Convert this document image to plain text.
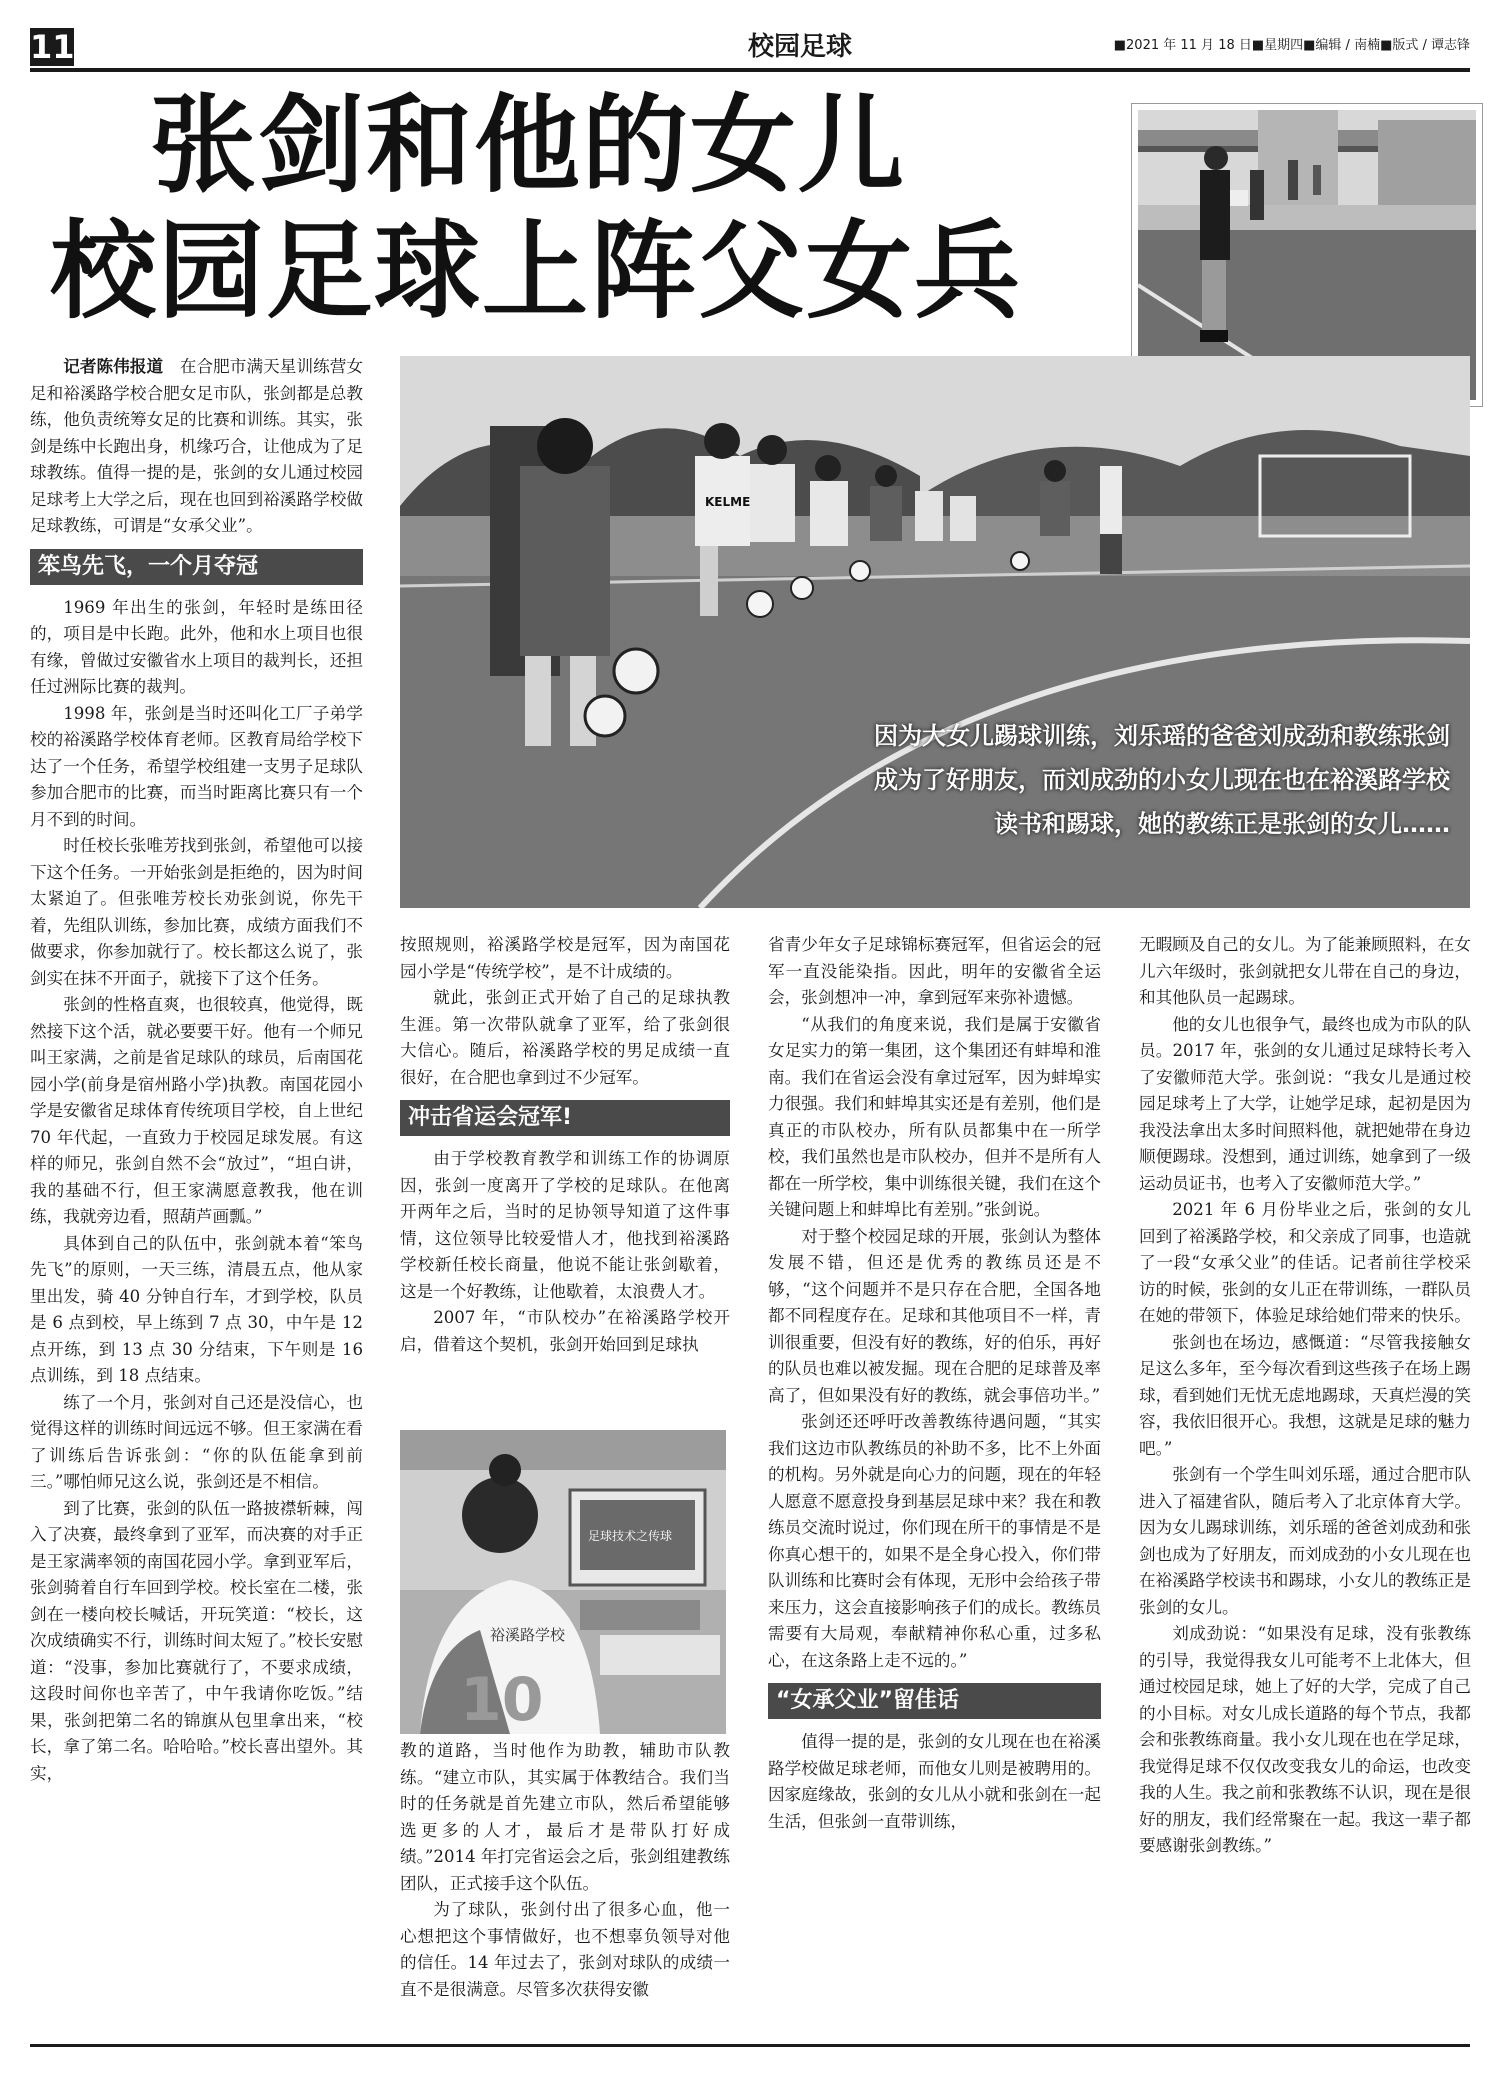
11	校园足球	■2021 年 11 月 18 日■星期四■编辑 / 南楠■版式 / 谭志锋
张剑和他的女儿
校园足球上阵父女兵
KELME
因为大女儿踢球训练，刘乐瑶的爸爸刘成劲和教练张剑成为了好朋友，而刘成劲的小女儿现在也在裕溪路学校读书和踢球，她的教练正是张剑的女儿……
足球技术之传球
裕溪路学校
10

记者陈伟报道　 在合肥市满天星训练营女足和裕溪路学校合肥女足市队，张剑都是总教练，他负责统筹女足的比赛和训练。其实，张剑是练中长跑出身，机缘巧合，让他成为了足球教练。值得一提的是，张剑的女儿通过校园足球考上大学之后，现在也回到裕溪路学校做足球教练，可谓是“女承父业”。

笨鸟先飞，一个月夺冠

1969 年出生的张剑，年轻时是练田径的，项目是中长跑。此外，他和水上项目也很有缘，曾做过安徽省水上项目的裁判长，还担任过洲际比赛的裁判。

1998 年，张剑是当时还叫化工厂子弟学校的裕溪路学校体育老师。区教育局给学校下达了一个任务，希望学校组建一支男子足球队参加合肥市的比赛，而当时距离比赛只有一个月不到的时间。

时任校长张唯芳找到张剑，希望他可以接下这个任务。一开始张剑是拒绝的，因为时间太紧迫了。但张唯芳校长劝张剑说，你先干着，先组队训练，参加比赛，成绩方面我们不做要求，你参加就行了。校长都这么说了，张剑实在抹不开面子，就接下了这个任务。

张剑的性格直爽，也很较真，他觉得，既然接下这个活，就必要要干好。他有一个师兄叫王家满，之前是省足球队的球员，后南国花园小学(前身是宿州路小学)执教。南国花园小学是安徽省足球体育传统项目学校，自上世纪 70 年代起，一直致力于校园足球发展。有这样的师兄，张剑自然不会“放过”，“坦白讲，我的基础不行，但王家满愿意教我，他在训练，我就旁边看，照葫芦画瓢。”

具体到自己的队伍中，张剑就本着“笨鸟先飞”的原则，一天三练，清晨五点，他从家里出发，骑 40 分钟自行车，才到学校，队员是 6 点到校，早上练到 7 点 30，中午是 12 点开练，到 13 点 30 分结束，下午则是 16 点训练，到 18 点结束。

练了一个月，张剑对自己还是没信心，也觉得这样的训练时间远远不够。但王家满在看了训练后告诉张剑：“你的队伍能拿到前三。”哪怕师兄这么说，张剑还是不相信。

到了比赛，张剑的队伍一路披襟斩棘，闯入了决赛，最终拿到了亚军，而决赛的对手正是王家满率领的南国花园小学。拿到亚军后，张剑骑着自行车回到学校。校长室在二楼，张剑在一楼向校长喊话，开玩笑道：“校长，这次成绩确实不行，训练时间太短了。”校长安慰道：“没事，参加比赛就行了，不要求成绩，这段时间你也辛苦了，中午我请你吃饭。”结果，张剑把第二名的锦旗从包里拿出来，“校长，拿了第二名。哈哈哈。”校长喜出望外。其实，

按照规则，裕溪路学校是冠军，因为南国花园小学是“传统学校”，是不计成绩的。

就此，张剑正式开始了自己的足球执教生涯。第一次带队就拿了亚军，给了张剑很大信心。随后，裕溪路学校的男足成绩一直很好，在合肥也拿到过不少冠军。

冲击省运会冠军!

由于学校教育教学和训练工作的协调原因，张剑一度离开了学校的足球队。在他离开两年之后，当时的足协领导知道了这件事情，这位领导比较爱惜人才，他找到裕溪路学校新任校长商量，他说不能让张剑歇着，这是一个好教练，让他歇着，太浪费人才。

2007 年，“市队校办”在裕溪路学校开启，借着这个契机，张剑开始回到足球执

教的道路，当时他作为助教，辅助市队教练。“建立市队，其实属于体教结合。我们当时的任务就是首先建立市队，然后希望能够选更多的人才，最后才是带队打好成绩。”2014 年打完省运会之后，张剑组建教练团队，正式接手这个队伍。

为了球队，张剑付出了很多心血，他一心想把这个事情做好，也不想辜负领导对他的信任。14 年过去了，张剑对球队的成绩一直不是很满意。尽管多次获得安徽

省青少年女子足球锦标赛冠军，但省运会的冠军一直没能染指。因此，明年的安徽省全运会，张剑想冲一冲，拿到冠军来弥补遗憾。

“从我们的角度来说，我们是属于安徽省女足实力的第一集团，这个集团还有蚌埠和淮南。我们在省运会没有拿过冠军，因为蚌埠实力很强。我们和蚌埠其实还是有差别，他们是真正的市队校办，所有队员都集中在一所学校，我们虽然也是市队校办，但并不是所有人都在一所学校，集中训练很关键，我们在这个关键问题上和蚌埠比有差别。”张剑说。

对于整个校园足球的开展，张剑认为整体发展不错，但还是优秀的教练员还是不够，“这个问题并不是只存在合肥，全国各地都不同程度存在。足球和其他项目不一样，青训很重要，但没有好的教练，好的伯乐，再好的队员也难以被发掘。现在合肥的足球普及率高了，但如果没有好的教练，就会事倍功半。”

张剑还还呼吁改善教练待遇问题，“其实我们这边市队教练员的补助不多，比不上外面的机构。另外就是向心力的问题，现在的年轻人愿意不愿意投身到基层足球中来？我在和教练员交流时说过，你们现在所干的事情是不是你真心想干的，如果不是全身心投入，你们带队训练和比赛时会有体现，无形中会给孩子带来压力，这会直接影响孩子们的成长。教练员需要有大局观，奉献精神你私心重，过多私心，在这条路上走不远的。”

“女承父业”留佳话

值得一提的是，张剑的女儿现在也在裕溪路学校做足球老师，而他女儿则是被聘用的。因家庭缘故，张剑的女儿从小就和张剑在一起生活，但张剑一直带训练，

无暇顾及自己的女儿。为了能兼顾照料，在女儿六年级时，张剑就把女儿带在自己的身边，和其他队员一起踢球。

他的女儿也很争气，最终也成为市队的队员。2017 年，张剑的女儿通过足球特长考入了安徽师范大学。张剑说：“我女儿是通过校园足球考上了大学，让她学足球，起初是因为我没法拿出太多时间照料他，就把她带在身边顺便踢球。没想到，通过训练，她拿到了一级运动员证书，也考入了安徽师范大学。”

2021 年 6 月份毕业之后，张剑的女儿回到了裕溪路学校，和父亲成了同事，也造就了一段“女承父业”的佳话。记者前往学校采访的时候，张剑的女儿正在带训练，一群队员在她的带领下，体验足球给她们带来的快乐。

张剑也在场边，感慨道：“尽管我接触女足这么多年，至今每次看到这些孩子在场上踢球，看到她们无忧无虑地踢球，天真烂漫的笑容，我依旧很开心。我想，这就是足球的魅力吧。”

张剑有一个学生叫刘乐瑶，通过合肥市队进入了福建省队，随后考入了北京体育大学。因为女儿踢球训练，刘乐瑶的爸爸刘成劲和张剑也成为了好朋友，而刘成劲的小女儿现在也在裕溪路学校读书和踢球，小女儿的教练正是张剑的女儿。

刘成劲说：“如果没有足球，没有张教练的引导，我觉得我女儿可能考不上北体大，但通过校园足球，她上了好的大学，完成了自己的小目标。对女儿成长道路的每个节点，我都会和张教练商量。我小女儿现在也在学足球，我觉得足球不仅仅改变我女儿的命运，也改变我的人生。我之前和张教练不认识，现在是很好的朋友，我们经常聚在一起。我这一辈子都要感谢张剑教练。”
